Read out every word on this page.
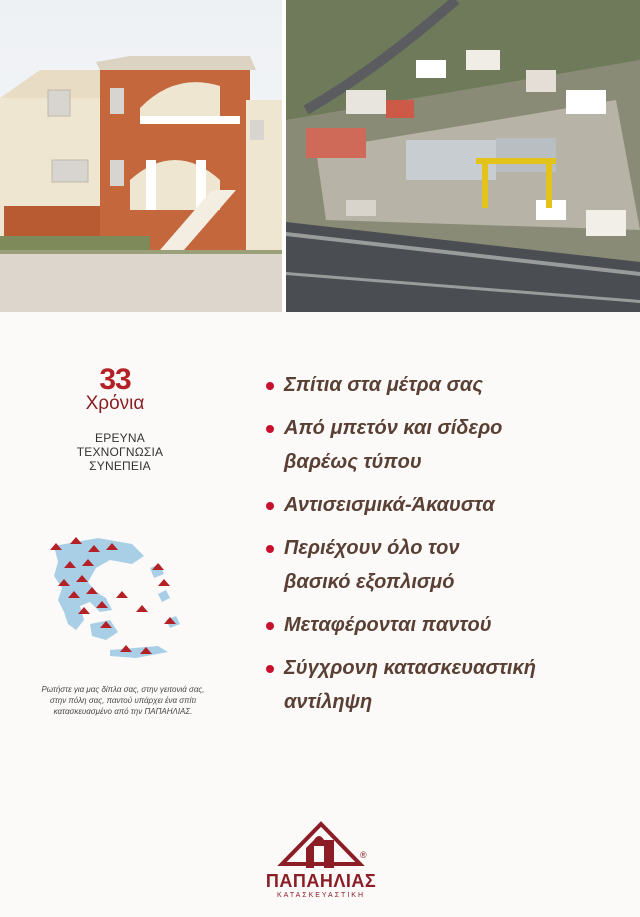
33
Χρόνια
ΕΡΕΥΝΑ
ΤΕΧΝΟΓΝΩΣΙΑ
ΣΥΝΕΠΕΙΑ
Ρωτήστε για μας δίπλα σας, στην γειτονιά σας,
στην πόλη σας, παντού υπάρχει ένα σπίτι
κατασκευασμένο από την ΠΑΠΑΗΛΙΑΣ.
Σπίτια στα μέτρα σας
Από μπετόν και σίδερο
βαρέως τύπου
Αντισεισμικά-Άκαυστα
Περιέχουν όλο τον
βασικό εξοπλισμό
Μεταφέρονται παντού
Σύγχρονη κατασκευαστική
αντίληψη
®
ΠΑΠΑΗΛΙΑΣ
ΚΑΤΑΣΚΕΥΑΣΤΙΚΗ
